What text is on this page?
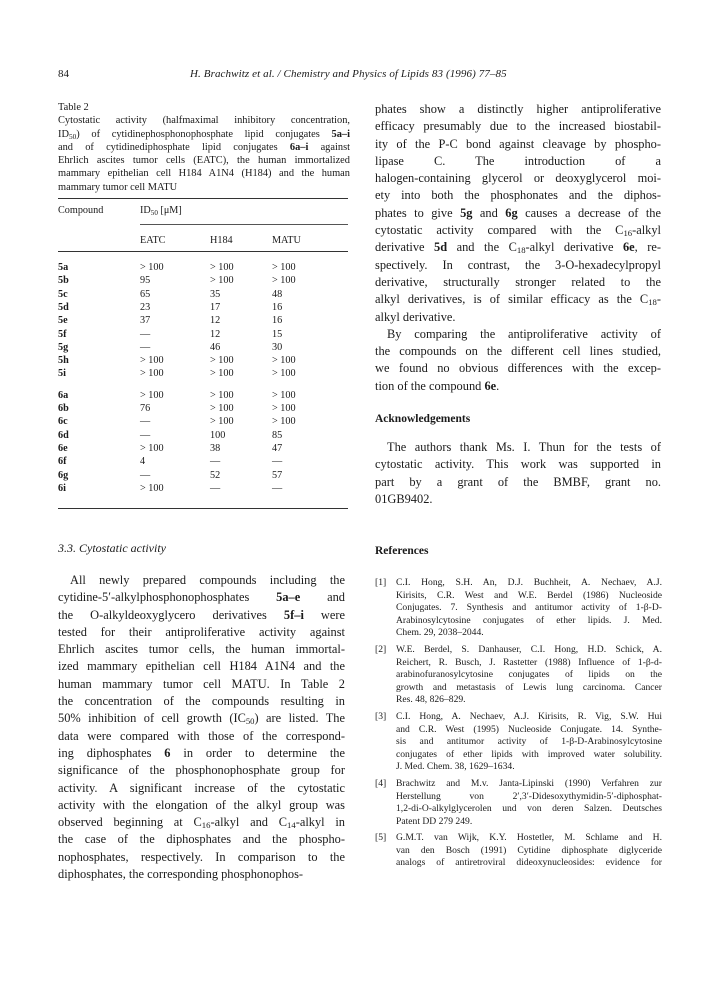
84	H. Brachwitz et al. / Chemistry and Physics of Lipids 83 (1996) 77–85
Table 2
Cytostatic activity (halfmaximal inhibitory concentration,
$ID_{50}$) of cytidinephosphonophosphate lipid conjugates 5a–i
and of cytidinediphosphate lipid conjugates 6a–i against
Ehrlich ascites tumor cells (EATC), the human immortalized
mammary epithelian cell H184 A1N4 (H184) and the human
mammary tumor cell MATU
Compound	$ID_{50}$ [μM]
EATC	H184	MATU
5a	> 100	> 100	> 100
5b	95	> 100	> 100
5c	65	35	48
5d	23	17	16
5e	37	12	16
5f	—	12	15
5g	—	46	30
5h	> 100	> 100	> 100
5i	> 100	> 100	> 100
6a	> 100	> 100	> 100
6b	76	> 100	> 100
6c	—	> 100	> 100
6d	—	100	85
6e	> 100	38	47
6f	4	—	—
6g	—	52	57
6i	> 100	—	—
3.3. Cytostatic activity
All newly prepared compounds including the
cytidine-5′-alkylphosphonophosphates 5a–e and
the O-alkyldeoxyglycero derivatives 5f–i were
tested for their antiproliferative activity against
Ehrlich ascites tumor cells, the human immortal-
ized mammary epithelian cell H184 A1N4 and the
human mammary tumor cell MATU. In Table 2
the concentration of the compounds resulting in
50% inhibition of cell growth $(IC_{50})$ are listed. The
data were compared with those of the correspond-
ing diphosphates 6 in order to determine the
significance of the phosphonophosphate group for
activity. A significant increase of the cytostatic
activity with the elongation of the alkyl group was
observed beginning at $C_{16}$-alkyl and $C_{14}$-alkyl in
the case of the diphosphates and the phospho-
nophosphates, respectively. In comparison to the
diphosphates, the corresponding phosphonophos-
phates show a distinctly higher antiproliferative
efficacy presumably due to the increased biostabil-
ity of the P-C bond against cleavage by phospho-
lipase C. The introduction of a
halogen-containing glycerol or deoxyglycerol moi-
ety into both the phosphonates and the diphos-
phates to give 5g and 6g causes a decrease of the
cytostatic activity compared with the $C_{16}$-alkyl
derivative 5d and the $C_{18}$-alkyl derivative 6e, re-
spectively. In contrast, the 3-O-hexadecylpropyl
derivative, structurally stronger related to the
alkyl derivatives, is of similar efficacy as the $C_{18}-$
alkyl derivative.
By comparing the antiproliferative activity of
the compounds on the different cell lines studied,
we found no obvious differences with the excep-
tion of the compound 6e.
Acknowledgements
The authors thank Ms. I. Thun for the tests of
cytostatic activity. This work was supported in
part by a grant of the BMBF, grant no.
01GB9402.
References
[1] C.I. Hong, S.H. An, D.J. Buchheit, A. Nechaev, A.J.
Kirisits, C.R. West and W.E. Berdel (1986) Nucleoside
Conjugates. 7. Synthesis and antitumor activity of 1-β-D-
Arabinosylcytosine conjugates of ether lipids. J. Med.
Chem. 29, 2038–2044.
[2] W.E. Berdel, S. Danhauser, C.I. Hong, H.D. Schick, A.
Reichert, R. Busch, J. Rastetter (1988) Influence of 1-β-d-
arabinofuranosylcytosine conjugates of lipids on the
growth and metastasis of Lewis lung carcinoma. Cancer
Res. 48, 826–829.
[3] C.I. Hong, A. Nechaev, A.J. Kirisits, R. Vig, S.W. Hui
and C.R. West (1995) Nucleoside Conjugate. 14. Synthe-
sis and antitumor activity of 1-β-D-Arabinosylcytosine
conjugates of ether lipids with improved water solubility.
J. Med. Chem. 38, 1629–1634.
[4] Brachwitz and M.v. Janta-Lipinski (1990) Verfahren zur
Herstellung von 2′,3′-Didesoxythymidin-5′-diphosphat-
1,2-di-O-alkylglycerolen und von deren Salzen. Deutsches
Patent DD 279 249.
[5] G.M.T. van Wijk, K.Y. Hostetler, M. Schlame and H.
van den Bosch (1991) Cytidine diphosphate diglyceride
analogs of antiretroviral dideoxynucleosides: evidence for
